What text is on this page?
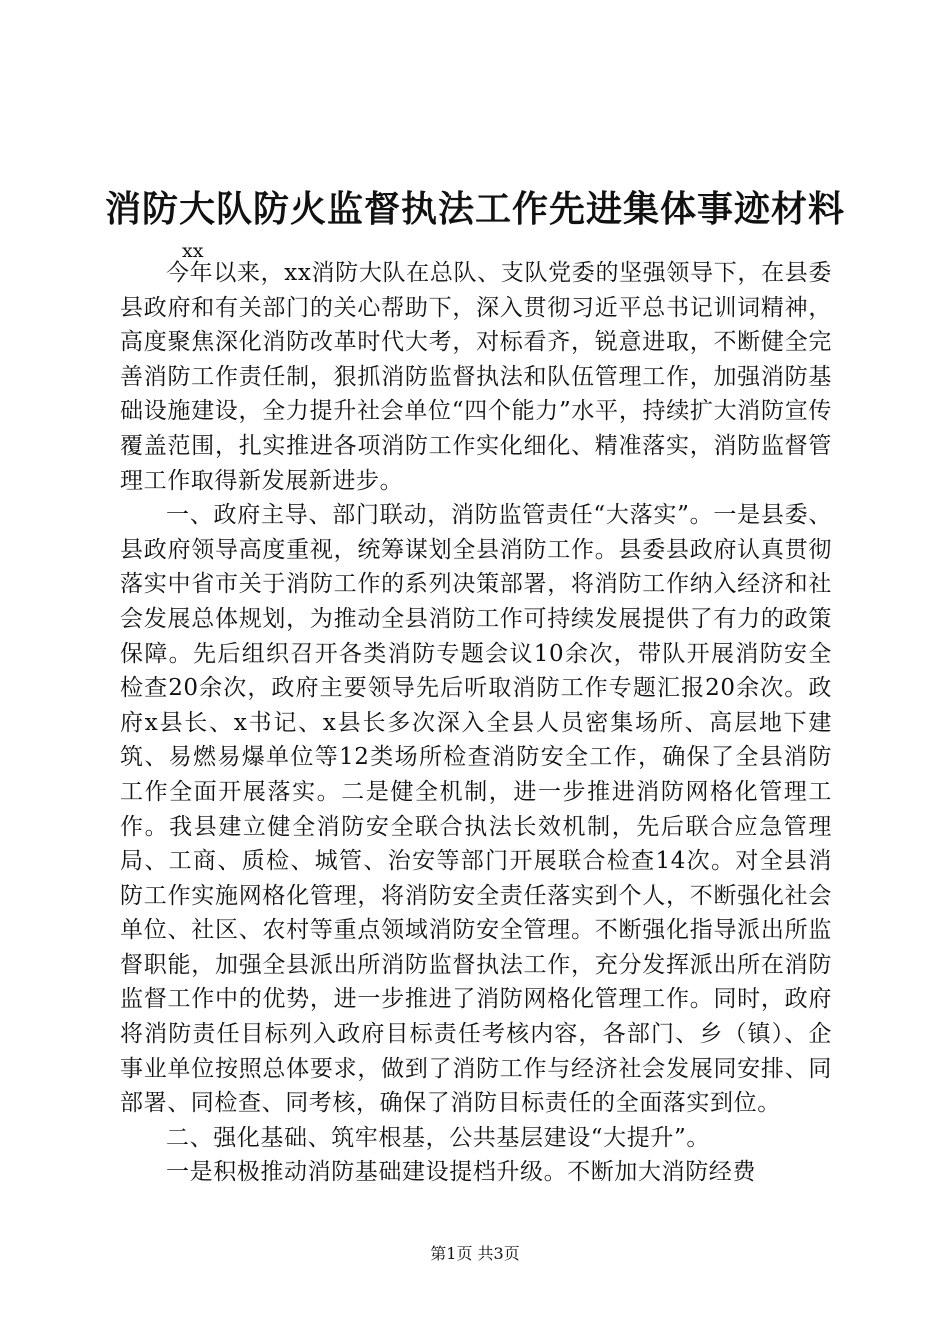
消防大队防火监督执法工作先进集体事迹材料
xx

今年以来，xx消防大队在总队、支队党委的坚强领导下，在县委县政府和有关部门的关心帮助下，深入贯彻习近平总书记训词精神，高度聚焦深化消防改革时代大考，对标看齐，锐意进取，不断健全完善消防工作责任制，狠抓消防监督执法和队伍管理工作，加强消防基础设施建设，全力提升社会单位“四个能力”水平，持续扩大消防宣传覆盖范围，扎实推进各项消防工作实化细化、精准落实，消防监督管理工作取得新发展新进步。

一、政府主导、部门联动，消防监管责任“大落实”。一是县委、县政府领导高度重视，统筹谋划全县消防工作。县委县政府认真贯彻落实中省市关于消防工作的系列决策部署，将消防工作纳入经济和社会发展总体规划，为推动全县消防工作可持续发展提供了有力的政策保障。先后组织召开各类消防专题会议10余次，带队开展消防安全检查20余次，政府主要领导先后听取消防工作专题汇报20余次。政府x县长、x书记、x县长多次深入全县人员密集场所、高层地下建筑、易燃易爆单位等12类场所检查消防安全工作，确保了全县消防工作全面开展落实。二是健全机制，进一步推进消防网格化管理工作。我县建立健全消防安全联合执法长效机制，先后联合应急管理局、工商、质检、城管、治安等部门开展联合检查14次。对全县消防工作实施网格化管理，将消防安全责任落实到个人，不断强化社会单位、社区、农村等重点领域消防安全管理。不断强化指导派出所监督职能，加强全县派出所消防监督执法工作，充分发挥派出所在消防监督工作中的优势，进一步推进了消防网格化管理工作。同时，政府将消防责任目标列入政府目标责任考核内容，各部门、乡（镇）、企事业单位按照总体要求，做到了消防工作与经济社会发展同安排、同部署、同检查、同考核，确保了消防目标责任的全面落实到位。

二、强化基础、筑牢根基，公共基层建设“大提升”。

一是积极推动消防基础建设提档升级。不断加大消防经费

第1页 共3页
